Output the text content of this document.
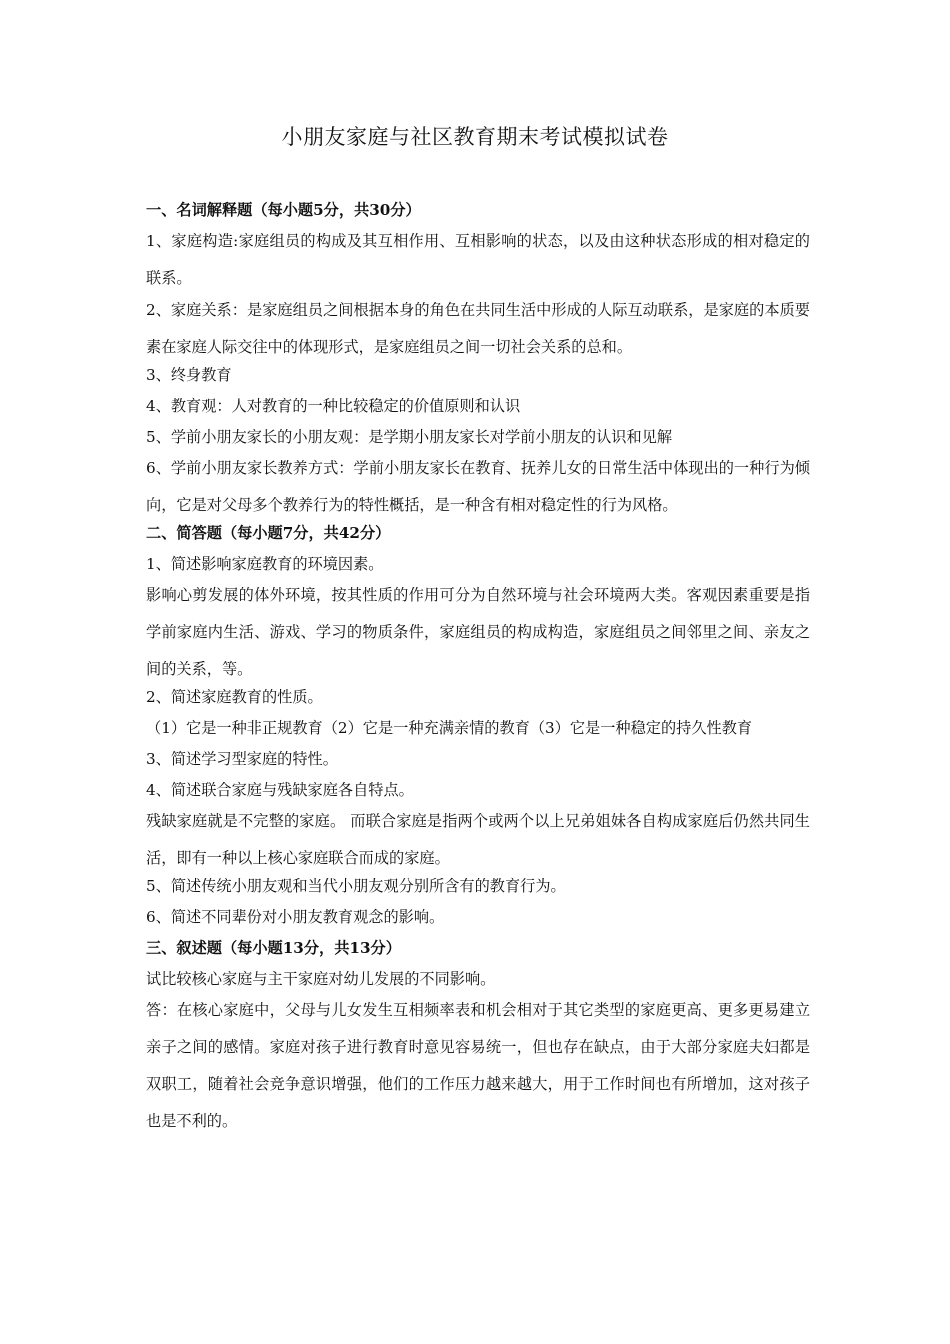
小朋友家庭与社区教育期末考试模拟试卷

一、名词解释题（每小题5分，共30分）

1、家庭构造:家庭组员的构成及其互相作用、互相影响的状态，以及由这种状态形成的相对稳定的联系。

2、家庭关系：是家庭组员之间根据本身的角色在共同生活中形成的人际互动联系，是家庭的本质要素在家庭人际交往中的体现形式，是家庭组员之间一切社会关系的总和。

3、终身教育

4、教育观：人对教育的一种比较稳定的价值原则和认识

5、学前小朋友家长的小朋友观：是学期小朋友家长对学前小朋友的认识和见解

6、学前小朋友家长教养方式：学前小朋友家长在教育、抚养儿女的日常生活中体现出的一种行为倾向，它是对父母多个教养行为的特性概括，是一种含有相对稳定性的行为风格。

二、简答题（每小题7分，共42分）

1、简述影响家庭教育的环境因素。

影响心剪发展的体外环境，按其性质的作用可分为自然环境与社会环境两大类。客观因素重要是指学前家庭内生活、游戏、学习的物质条件，家庭组员的构成构造，家庭组员之间邻里之间、亲友之间的关系，等。

2、简述家庭教育的性质。

（1）它是一种非正规教育（2）它是一种充满亲情的教育（3）它是一种稳定的持久性教育

3、简述学习型家庭的特性。

4、简述联合家庭与残缺家庭各自特点。

残缺家庭就是不完整的家庭。 而联合家庭是指两个或两个以上兄弟姐妹各自构成家庭后仍然共同生活，即有一种以上核心家庭联合而成的家庭。

5、简述传统小朋友观和当代小朋友观分别所含有的教育行为。

6、简述不同辈份对小朋友教育观念的影响。

三、叙述题（每小题13分，共13分）

试比较核心家庭与主干家庭对幼儿发展的不同影响。

答：在核心家庭中，父母与儿女发生互相频率表和机会相对于其它类型的家庭更高、更多更易建立亲子之间的感情。家庭对孩子进行教育时意见容易统一，但也存在缺点，由于大部分家庭夫妇都是双职工，随着社会竞争意识增强，他们的工作压力越来越大，用于工作时间也有所增加，这对孩子也是不利的。
